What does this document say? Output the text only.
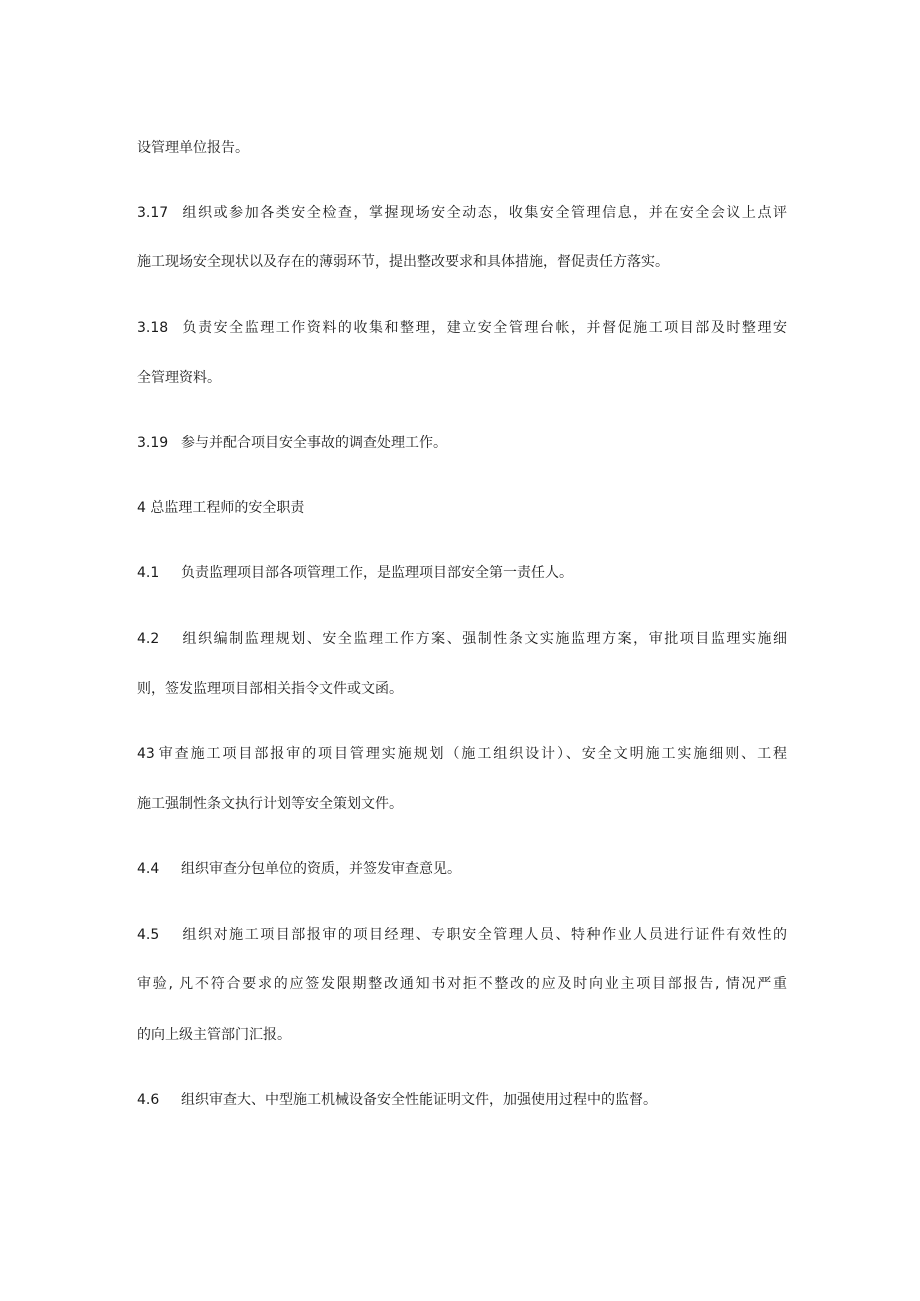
设管理单位报告。
3.17 组织或参加各类安全检查，掌握现场安全动态，收集安全管理信息，并在安全会议上点评
施工现场安全现状以及存在的薄弱环节，提出整改要求和具体措施，督促责任方落实。
3.18 负责安全监理工作资料的收集和整理，建立安全管理台帐，并督促施工项目部及时整理安
全管理资料。
3.19 参与并配合项目安全事故的调查处理工作。
4 总监理工程师的安全职责
4.1 负责监理项目部各项管理工作，是监理项目部安全第一责任人。
4.2 组织编制监理规划、安全监理工作方案、强制性条文实施监理方案，审批项目监理实施细
则，签发监理项目部相关指令文件或文函。
43 审查施工项目部报审的项目管理实施规划（施工组织设计）、安全文明施工实施细则、工程
施工强制性条文执行计划等安全策划文件。
4.4 组织审查分包单位的资质，并签发审查意见。
4.5 组织对施工项目部报审的项目经理、专职安全管理人员、特种作业人员进行证件有效性的
审验, 凡不符合要求的应签发限期整改通知书对拒不整改的应及时向业主项目部报告, 情况严重
的向上级主管部门汇报。
4.6 组织审查大、中型施工机械设备安全性能证明文件，加强使用过程中的监督。
